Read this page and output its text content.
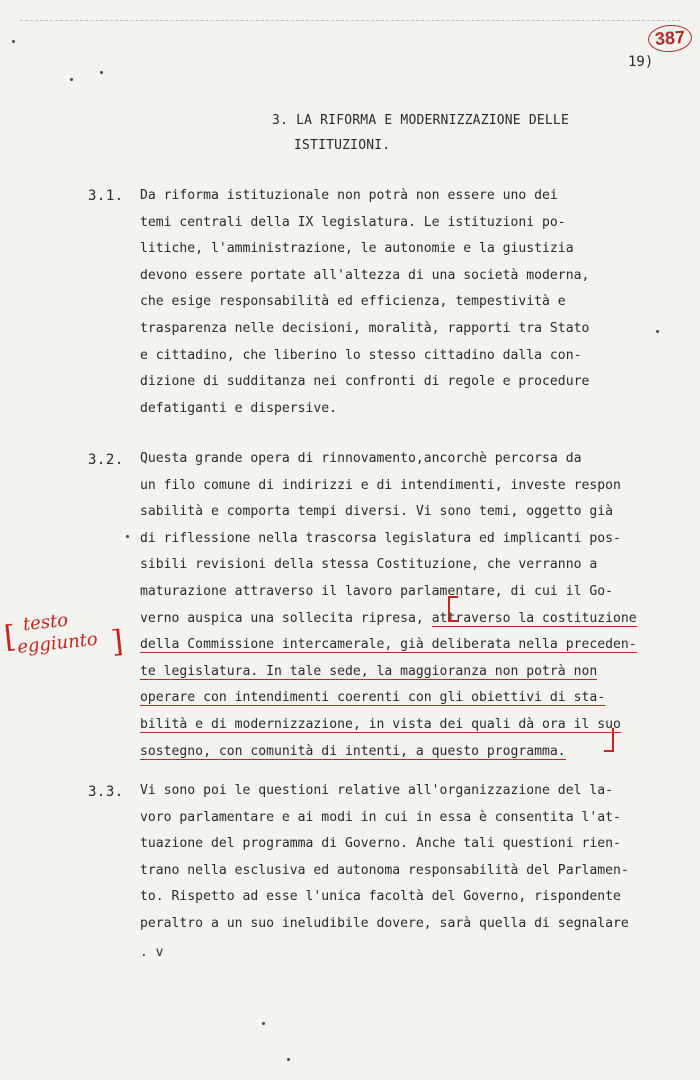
387
19)
3. LA RIFORMA E MODERNIZZAZIONE DELLE
ISTITUZIONI.
3.1. Da riforma istituzionale non potrà non essere uno dei
temi centrali della IX legislatura. Le istituzioni po-
litiche, l'amministrazione, le autonomie e la giustizia
devono essere portate all'altezza di una società moderna,
che esige responsabilità ed efficienza, tempestività e
trasparenza nelle decisioni, moralità, rapporti tra Stato
e cittadino, che liberino lo stesso cittadino dalla con-
dizione di sudditanza nei confronti di regole e procedure
defatiganti e dispersive.
3.2. Questa grande opera di rinnovamento,ancorchè percorsa da
un filo comune di indirizzi e di intendimenti, investe respon
sabilità e comporta tempi diversi. Vi sono temi, oggetto già
di riflessione nella trascorsa legislatura ed implicanti pos-
sibili revisioni della stessa Costituzione, che verranno a
maturazione attraverso il lavoro parlamentare, di cui il Go-
verno auspica una sollecita ripresa, attraverso la costituzione
della Commissione intercamerale, già deliberata nella preceden-
te legislatura. In tale sede, la maggioranza non potrà non
operare con intendimenti coerenti con gli obiettivi di sta-
bilità e di modernizzazione, in vista dei quali dà ora il suo
sostegno, con comunità di intenti, a questo programma.
[ testo
eggiunto ]
3.3. Vi sono poi le questioni relative all'organizzazione del la-
voro parlamentare e ai modi in cui in essa è consentita l'at-
tuazione del programma di Governo. Anche tali questioni rien-
trano nella esclusiva ed autonoma responsabilità del Parlamen-
to. Rispetto ad esse l'unica facoltà del Governo, rispondente
peraltro a un suo ineludibile dovere, sarà quella di segnalare
. v
